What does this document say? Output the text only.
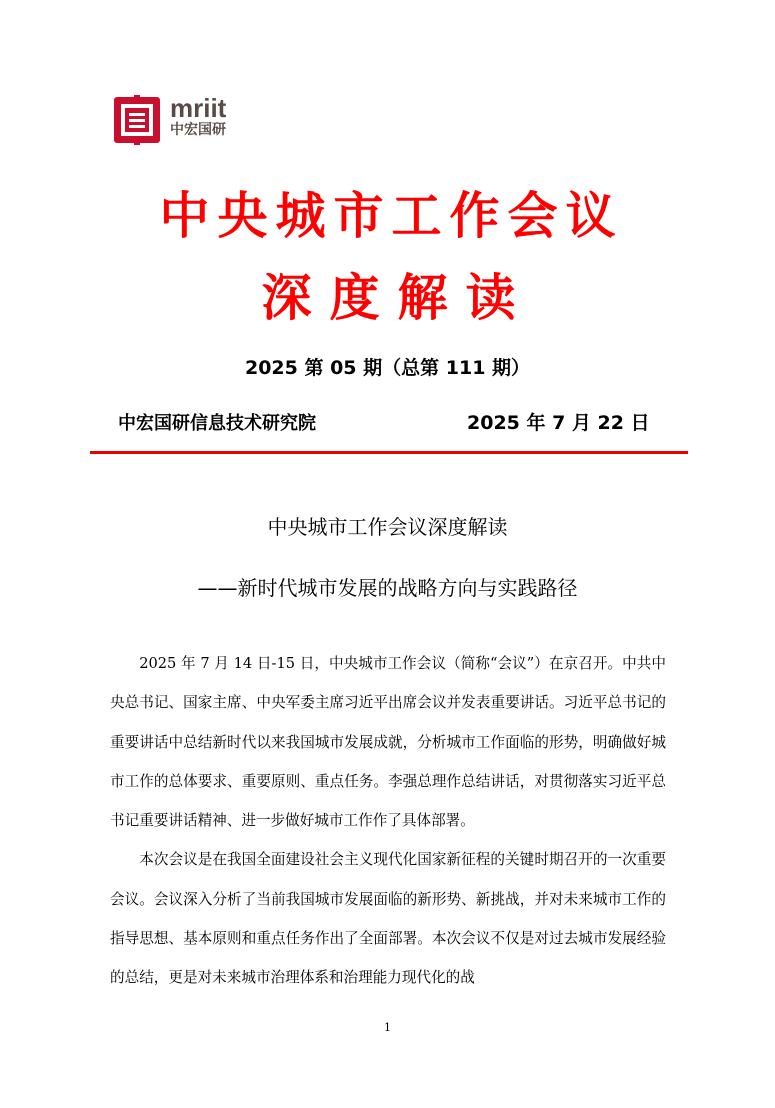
mriit
中宏国研
中央城市工作会议
深度解读
2025 第 05 期（总第 111 期）
中宏国研信息技术研究院	2025 年 7 月 22 日
中央城市工作会议深度解读
——新时代城市发展的战略方向与实践路径

2025 年 7 月 14 日-15 日，中央城市工作会议（简称“会议”）在京召开。中共中央总书记、国家主席、中央军委主席习近平出席会议并发表重要讲话。习近平总书记的重要讲话中总结新时代以来我国城市发展成就，分析城市工作面临的形势，明确做好城市工作的总体要求、重要原则、重点任务。李强总理作总结讲话，对贯彻落实习近平总书记重要讲话精神、进一步做好城市工作作了具体部署。

本次会议是在我国全面建设社会主义现代化国家新征程的关键时期召开的一次重要会议。会议深入分析了当前我国城市发展面临的新形势、新挑战，并对未来城市工作的指导思想、基本原则和重点任务作出了全面部署。本次会议不仅是对过去城市发展经验的总结，更是对未来城市治理体系和治理能力现代化的战

1
